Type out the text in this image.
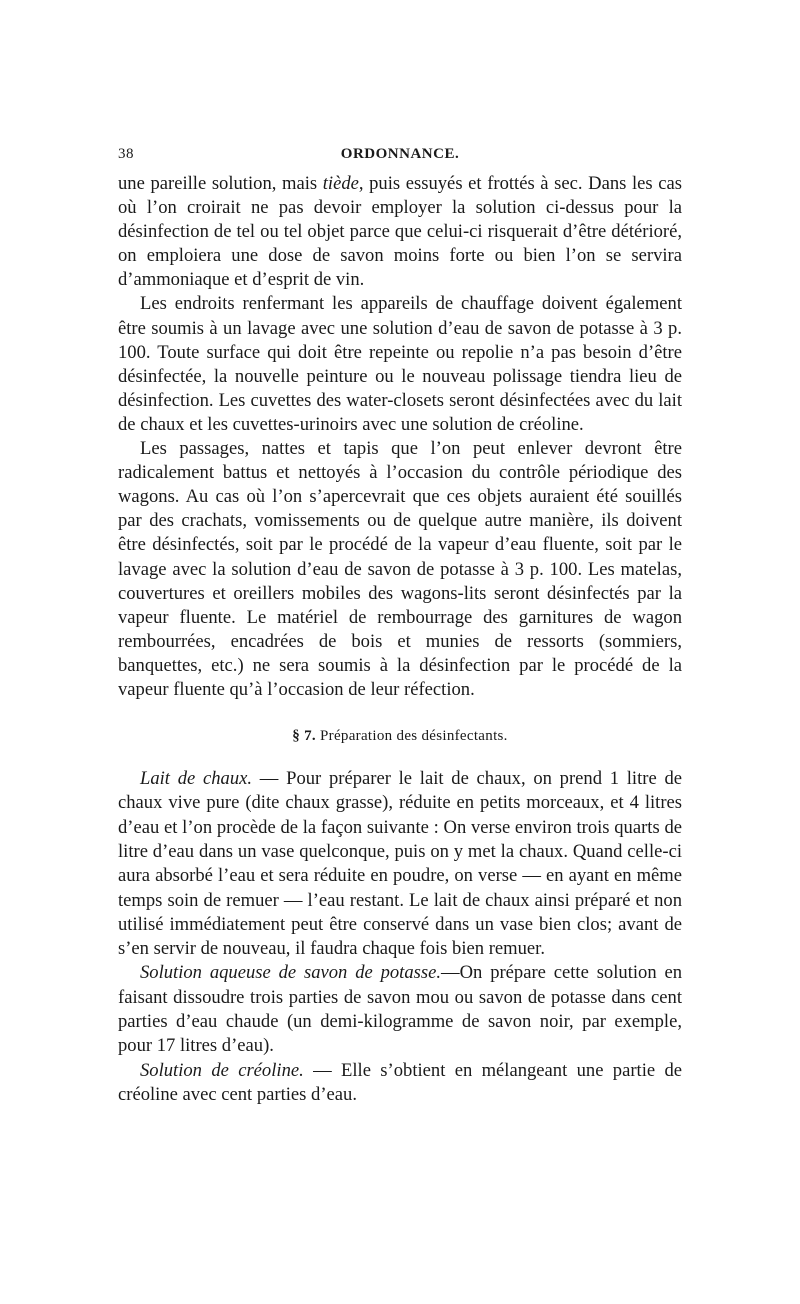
38	ORDONNANCE.

une pareille solution, mais tiède, puis essuyés et frottés à sec. Dans les cas où l’on croirait ne pas devoir employer la solution ci-dessus pour la désinfection de tel ou tel objet parce que celui-ci risquerait d’être détérioré, on emploiera une dose de savon moins forte ou bien l’on se servira d’ammoniaque et d’esprit de vin.

Les endroits renfermant les appareils de chauffage doivent également être soumis à un lavage avec une solution d’eau de savon de potasse à 3 p. 100. Toute surface qui doit être repeinte ou repolie n’a pas besoin d’être désinfectée, la nouvelle peinture ou le nouveau polissage tiendra lieu de désinfection. Les cuvettes des water-closets seront désinfectées avec du lait de chaux et les cuvettes-urinoirs avec une solution de créoline.

Les passages, nattes et tapis que l’on peut enlever devront être radicalement battus et nettoyés à l’occasion du contrôle périodique des wagons. Au cas où l’on s’apercevrait que ces objets auraient été souillés par des crachats, vomissements ou de quelque autre manière, ils doivent être désinfectés, soit par le procédé de la vapeur d’eau fluente, soit par le lavage avec la solution d’eau de savon de potasse à 3 p. 100. Les matelas, couvertures et oreillers mobiles des wagons-lits seront désinfectés par la vapeur fluente. Le matériel de rembourrage des garnitures de wagon rembourrées, encadrées de bois et munies de ressorts (sommiers, banquettes, etc.) ne sera soumis à la désinfection par le procédé de la vapeur fluente qu’à l’occasion de leur réfection.

§ 7. Préparation des désinfectants.

Lait de chaux. — Pour préparer le lait de chaux, on prend 1 litre de chaux vive pure (dite chaux grasse), réduite en petits morceaux, et 4 litres d’eau et l’on procède de la façon suivante : On verse environ trois quarts de litre d’eau dans un vase quelconque, puis on y met la chaux. Quand celle-ci aura absorbé l’eau et sera réduite en poudre, on verse — en ayant en même temps soin de remuer — l’eau restant. Le lait de chaux ainsi préparé et non utilisé immédiatement peut être conservé dans un vase bien clos; avant de s’en servir de nouveau, il faudra chaque fois bien remuer.

Solution aqueuse de savon de potasse.—On prépare cette solution en faisant dissoudre trois parties de savon mou ou savon de potasse dans cent parties d’eau chaude (un demi-kilogramme de savon noir, par exemple, pour 17 litres d’eau).

Solution de créoline. — Elle s’obtient en mélangeant une partie de créoline avec cent parties d’eau.
